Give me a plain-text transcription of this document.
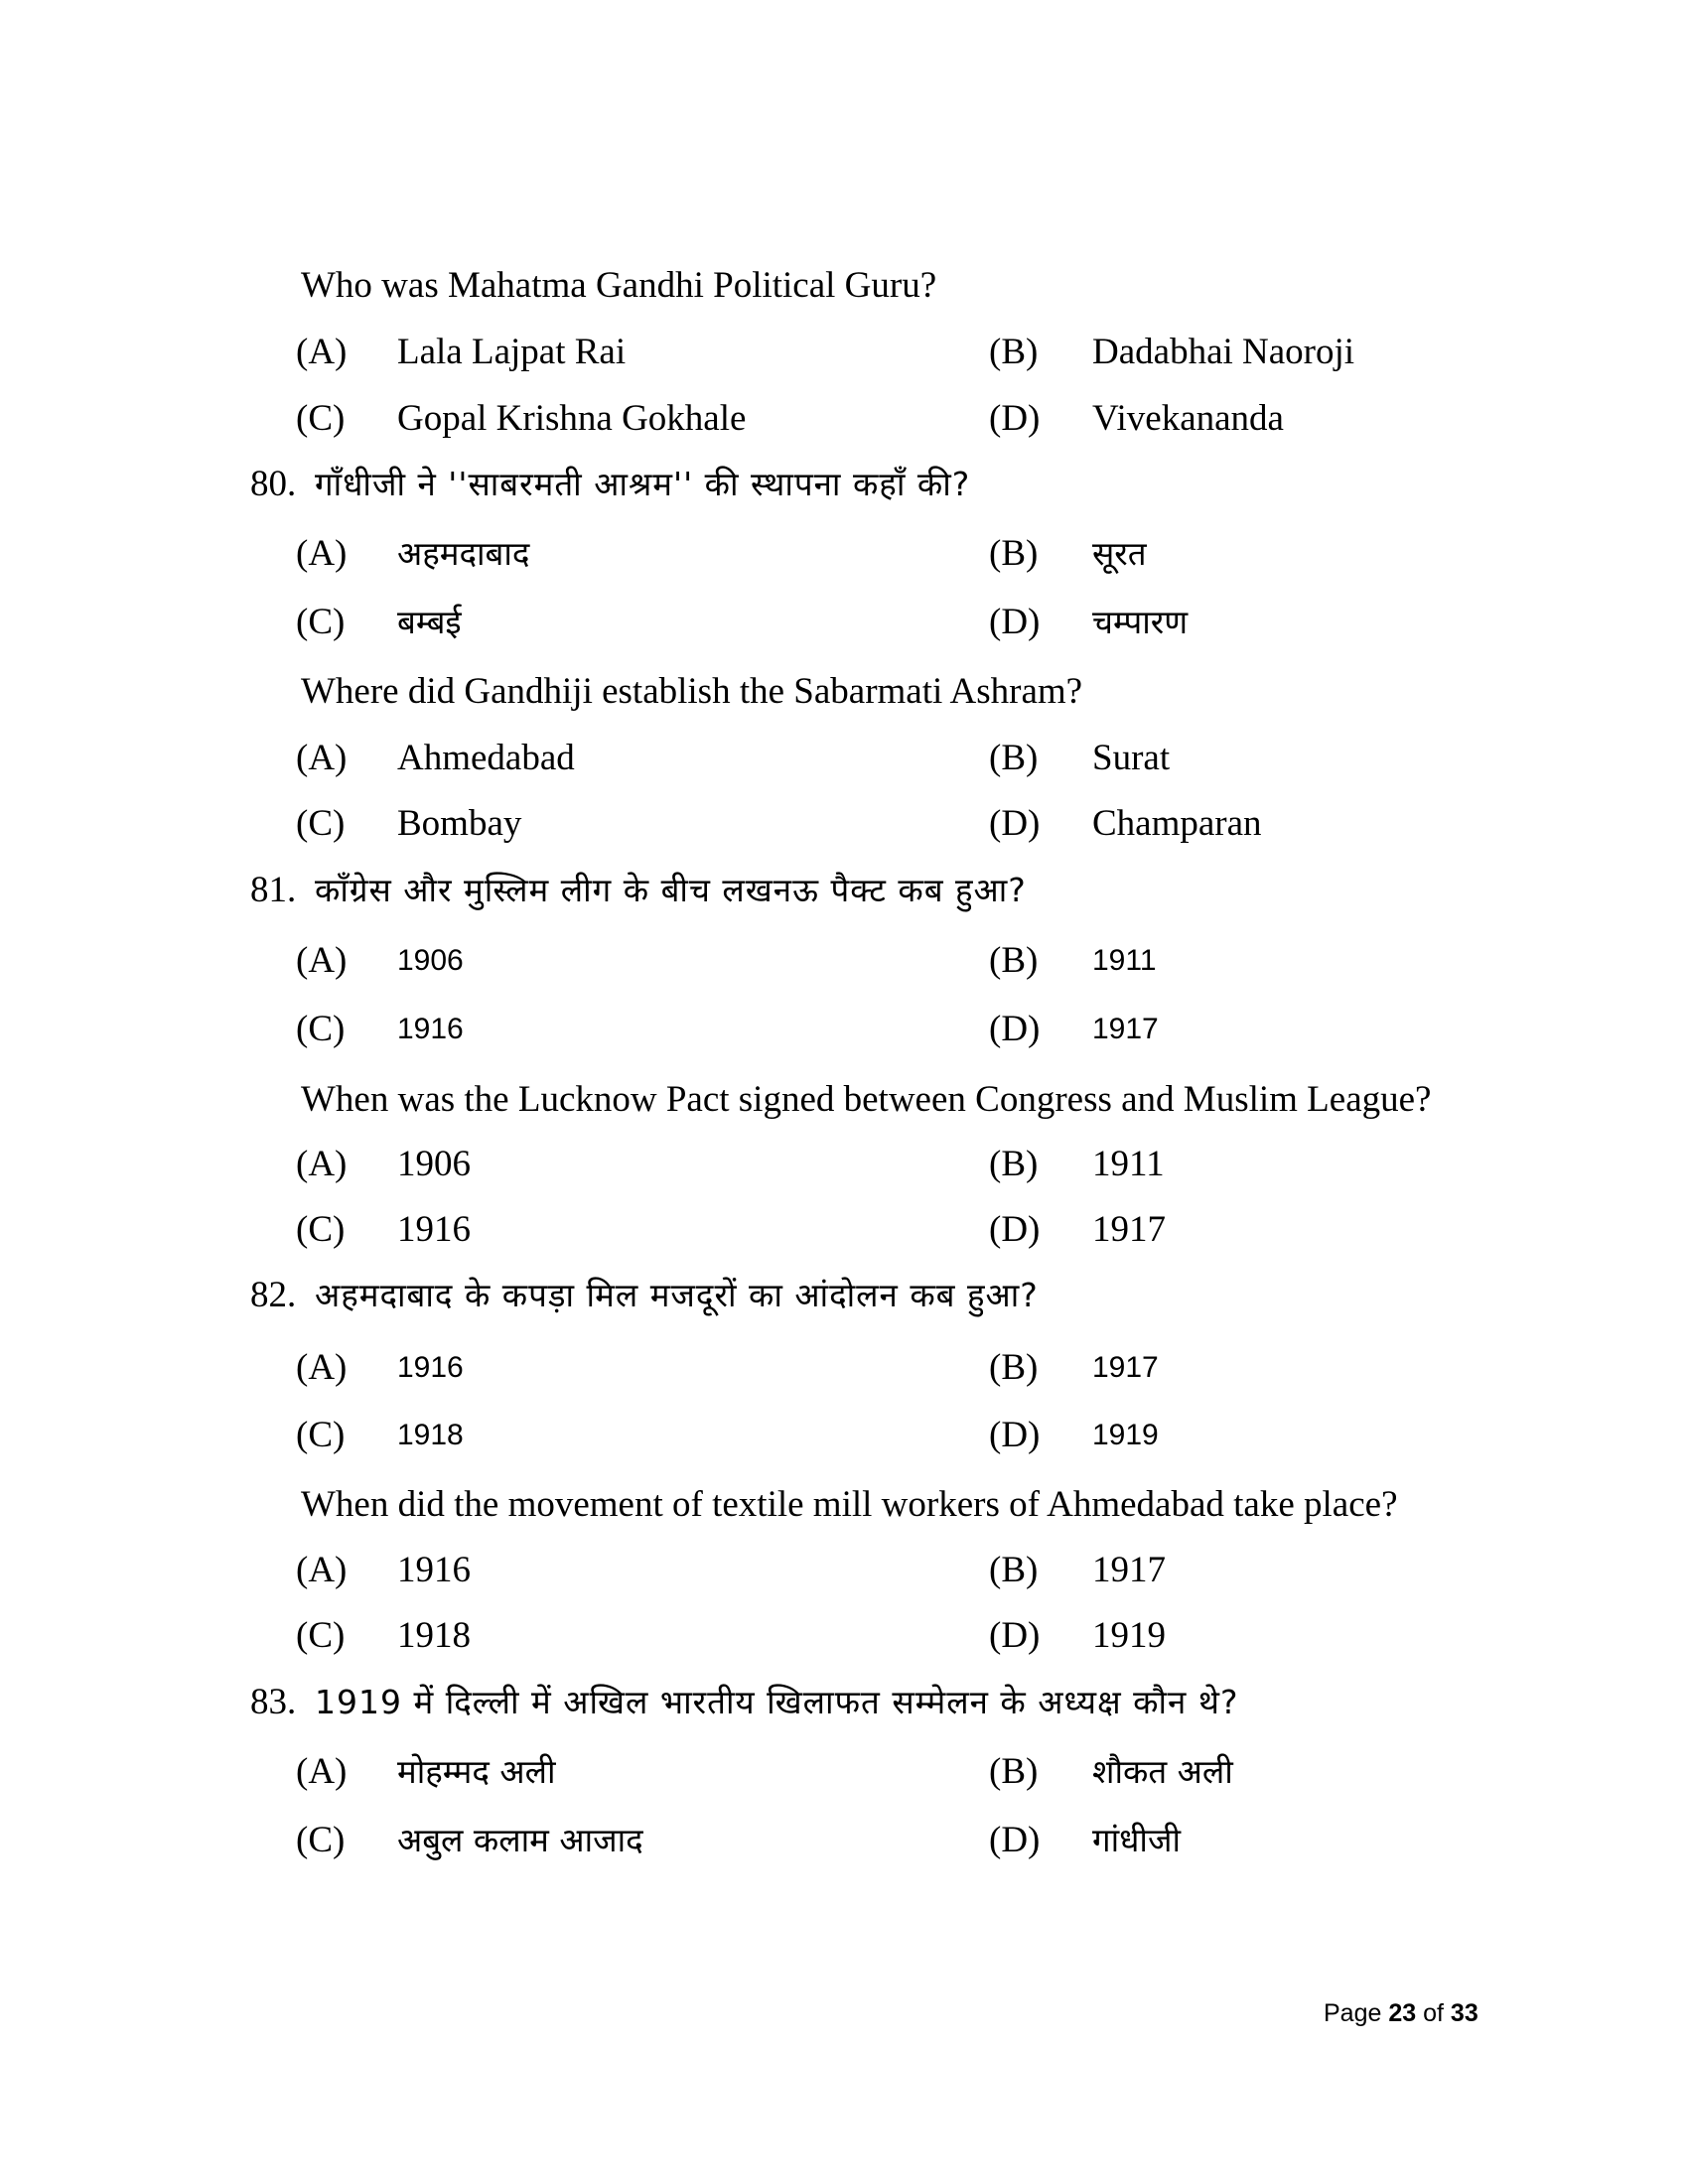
Who was Mahatma Gandhi Political Guru?
(A) Lala Lajpat Rai	(B) Dadabhai Naoroji
(C) Gopal Krishna Gokhale	(D) Vivekananda
80. गाँधीजी ने ''साबरमती आश्रम'' की स्थापना कहाँ की?
(A) अहमदाबाद	(B) सूरत
(C) बम्बई	(D) चम्पारण
Where did Gandhiji establish the Sabarmati Ashram?
(A) Ahmedabad	(B) Surat
(C) Bombay	(D) Champaran
81. कॉंग्रेस और मुस्लिम लीग के बीच लखनऊ पैक्ट कब हुआ?
(A) 1906	(B) 1911
(C) 1916	(D) 1917
When was the Lucknow Pact signed between Congress and Muslim League?
(A) 1906	(B) 1911
(C) 1916	(D) 1917
82. अहमदाबाद के कपड़ा मिल मजदूरों का आंदोलन कब हुआ?
(A) 1916	(B) 1917
(C) 1918	(D) 1919
When did the movement of textile mill workers of Ahmedabad take place?
(A) 1916	(B) 1917
(C) 1918	(D) 1919
83. 1919 में दिल्ली में अखिल भारतीय खिलाफत सम्मेलन के अध्यक्ष कौन थे?
(A) मोहम्मद अली	(B) शौकत अली
(C) अबुल कलाम आजाद	(D) गांधीजी
Page 23 of 33
